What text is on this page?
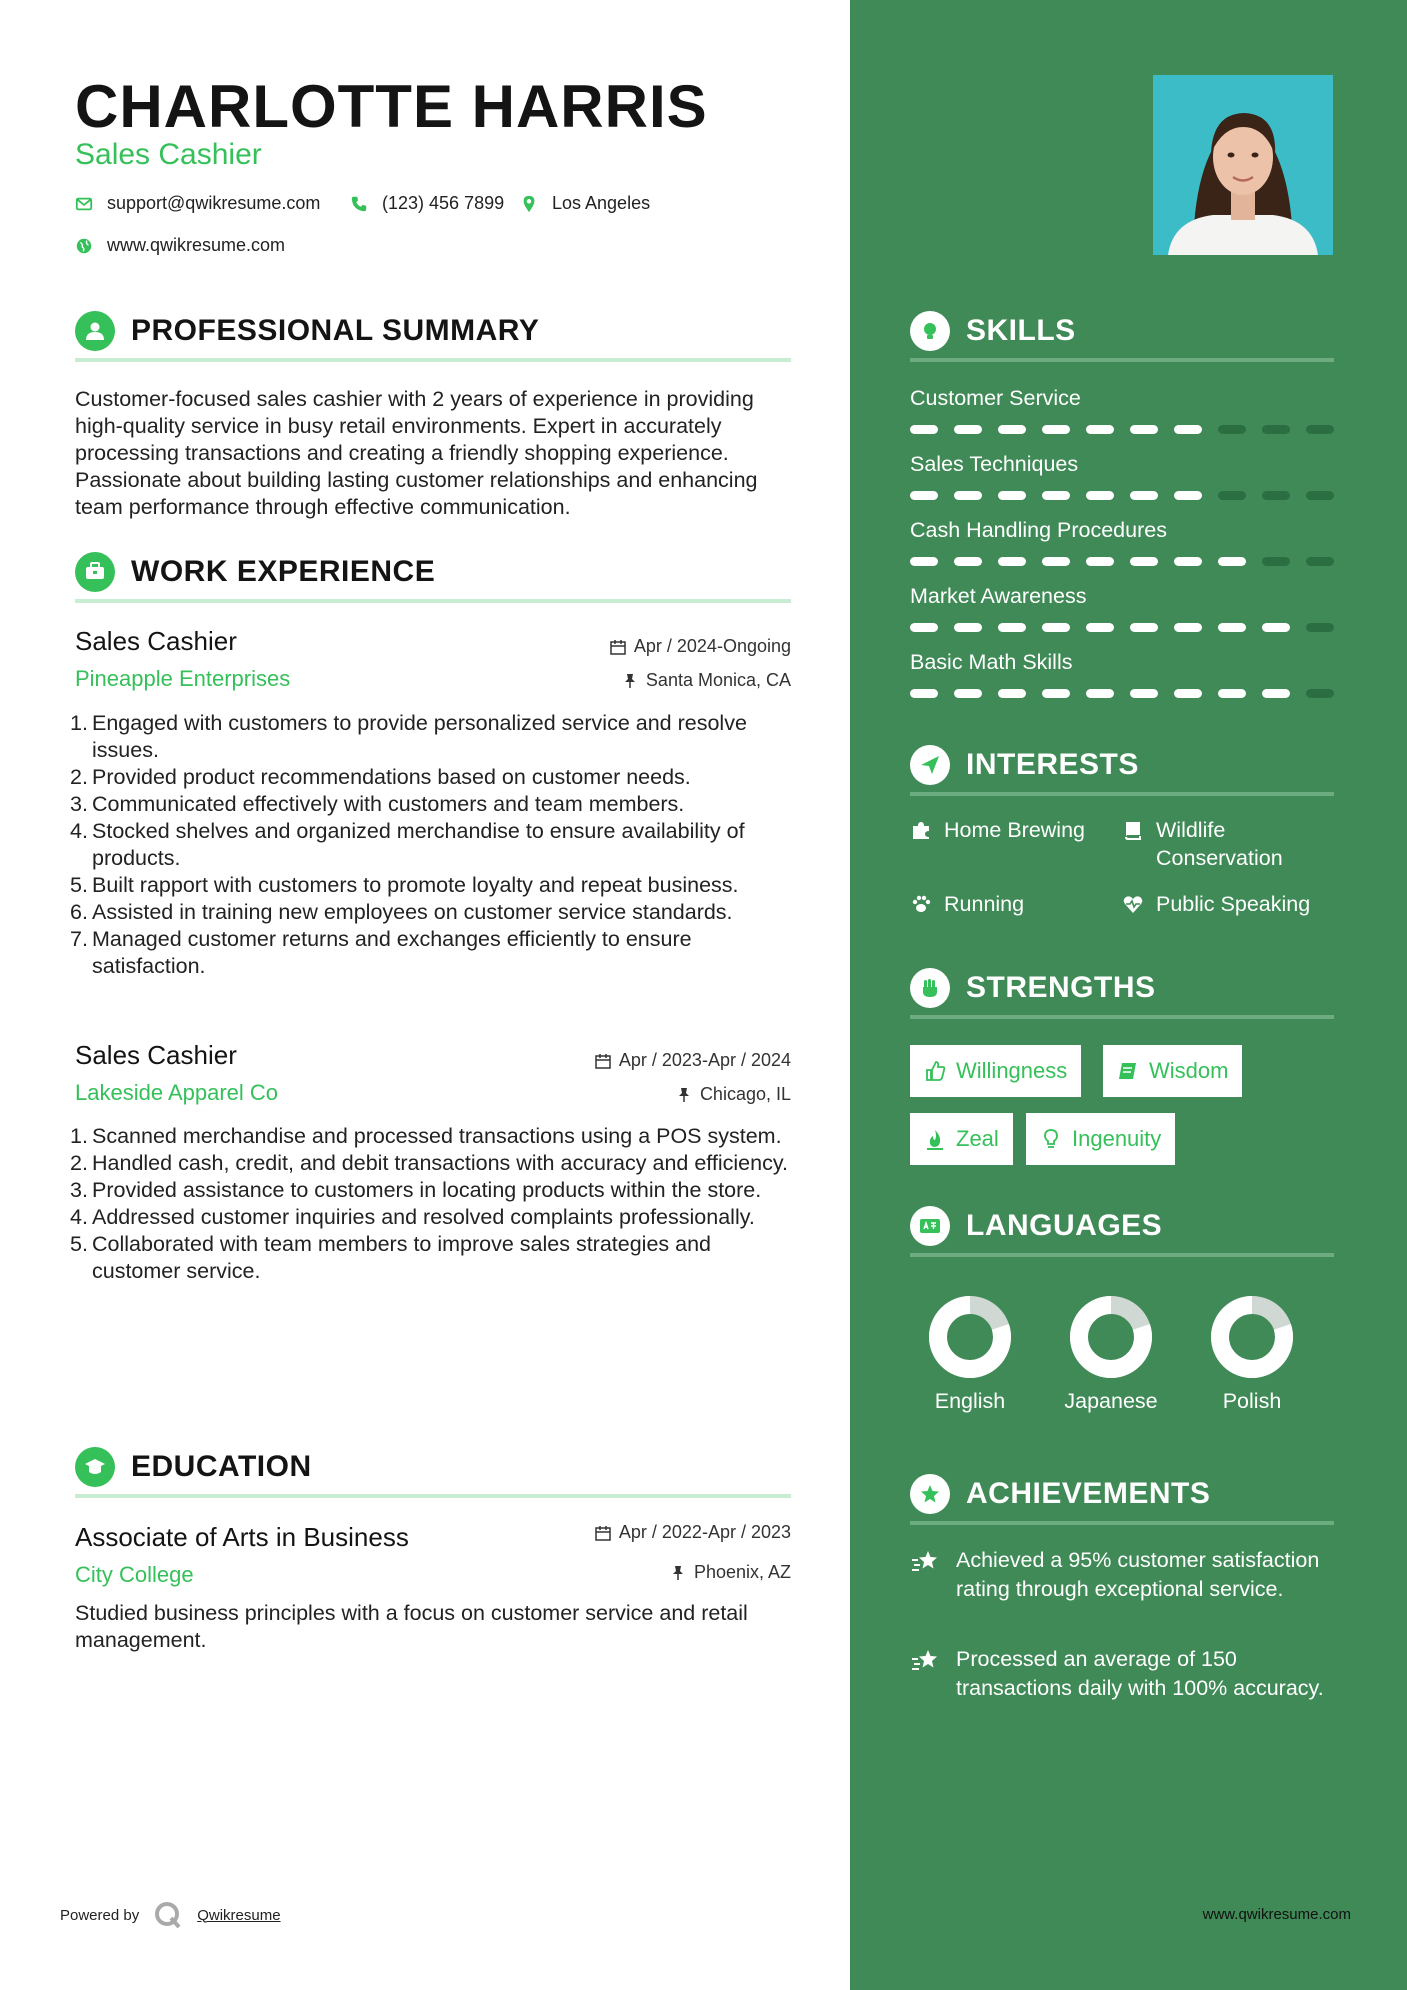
CHARLOTTE HARRIS
Sales Cashier
support@qwikresume.com	(123) 456 7899	Los Angeles
www.qwikresume.com
PROFESSIONAL SUMMARY
Customer-focused sales cashier with 2 years of experience in providing high-quality service in busy retail environments. Expert in accurately processing transactions and creating a friendly shopping experience. Passionate about building lasting customer relationships and enhancing team performance through effective communication.
WORK EXPERIENCE
Sales Cashier	Apr / 2024-Ongoing
Pineapple Enterprises	Santa Monica, CA
1. Engaged with customers to provide personalized service and resolve issues.
2. Provided product recommendations based on customer needs.
3. Communicated effectively with customers and team members.
4. Stocked shelves and organized merchandise to ensure availability of products.
5. Built rapport with customers to promote loyalty and repeat business.
6. Assisted in training new employees on customer service standards.
7. Managed customer returns and exchanges efficiently to ensure satisfaction.
Sales Cashier	Apr / 2023-Apr / 2024
Lakeside Apparel Co	Chicago, IL
1. Scanned merchandise and processed transactions using a POS system.
2. Handled cash, credit, and debit transactions with accuracy and efficiency.
3. Provided assistance to customers in locating products within the store.
4. Addressed customer inquiries and resolved complaints professionally.
5. Collaborated with team members to improve sales strategies and customer service.
EDUCATION
Associate of Arts in Business	Apr / 2022-Apr / 2023
City College	Phoenix, AZ
Studied business principles with a focus on customer service and retail management.
Powered by	Qwikresume
SKILLS
Customer Service
Sales Techniques
Cash Handling Procedures
Market Awareness
Basic Math Skills
INTERESTS
Home Brewing	Wildlife Conservation
Running	Public Speaking
STRENGTHS
Willingness	Wisdom
Zeal	Ingenuity
LANGUAGES
English	Japanese	Polish
ACHIEVEMENTS
Achieved a 95% customer satisfaction rating through exceptional service.
Processed an average of 150 transactions daily with 100% accuracy.
www.qwikresume.com
